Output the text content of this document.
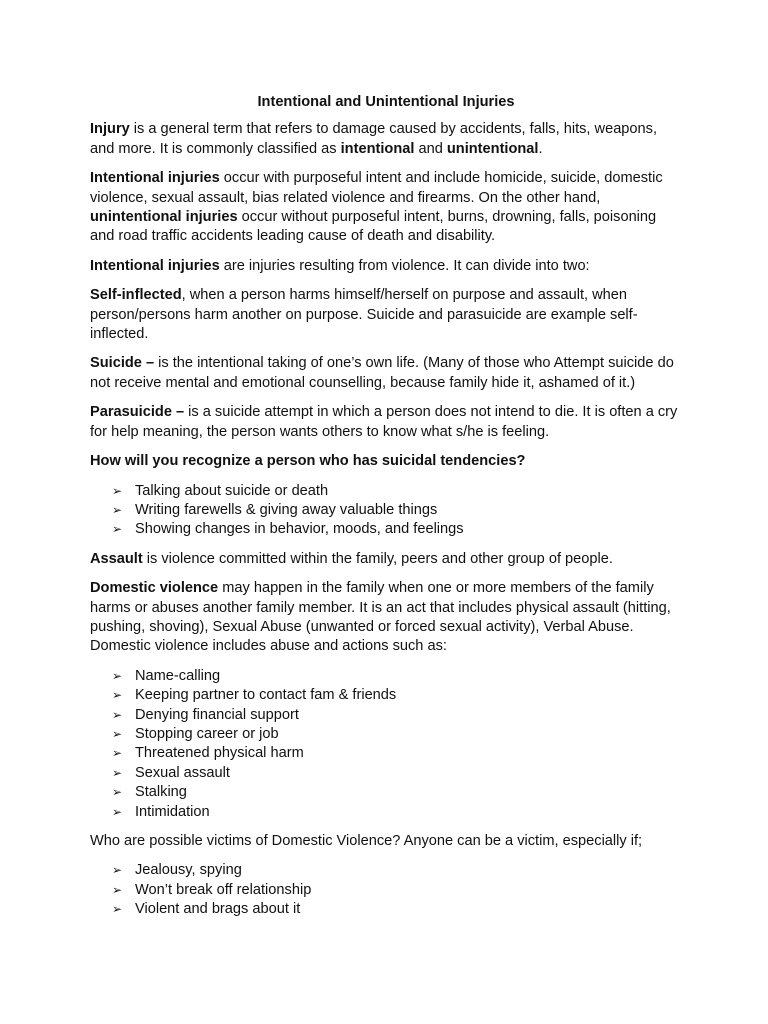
Intentional and Unintentional Injuries

Injury is a general term that refers to damage caused by accidents, falls, hits, weapons, and more. It is commonly classified as intentional and unintentional.

Intentional injuries occur with purposeful intent and include homicide, suicide, domestic violence, sexual assault, bias related violence and firearms. On the other hand, unintentional injuries occur without purposeful intent, burns, drowning, falls, poisoning and road traffic accidents leading cause of death and disability.

Intentional injuries are injuries resulting from violence. It can divide into two:

Self-inflected, when a person harms himself/herself on purpose and assault, when person/persons harm another on purpose. Suicide and parasuicide are example self-inflected.

Suicide – is the intentional taking of one’s own life. (Many of those who Attempt suicide do not receive mental and emotional counselling, because family hide it, ashamed of it.)

Parasuicide – is a suicide attempt in which a person does not intend to die. It is often a cry for help meaning, the person wants others to know what s/he is feeling.

How will you recognize a person who has suicidal tendencies?

➢ Talking about suicide or death
➢ Writing farewells & giving away valuable things
➢ Showing changes in behavior, moods, and feelings

Assault is violence committed within the family, peers and other group of people.

Domestic violence may happen in the family when one or more members of the family harms or abuses another family member. It is an act that includes physical assault (hitting, pushing, shoving), Sexual Abuse (unwanted or forced sexual activity), Verbal Abuse. Domestic violence includes abuse and actions such as:

➢ Name-calling
➢ Keeping partner to contact fam & friends
➢ Denying financial support
➢ Stopping career or job
➢ Threatened physical harm
➢ Sexual assault
➢ Stalking
➢ Intimidation

Who are possible victims of Domestic Violence? Anyone can be a victim, especially if;

➢ Jealousy, spying
➢ Won’t break off relationship
➢ Violent and brags about it
